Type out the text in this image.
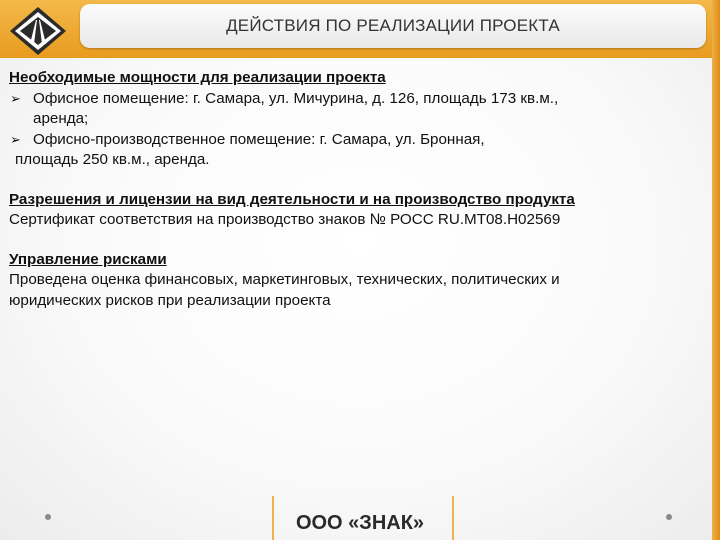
ДЕЙСТВИЯ ПО РЕАЛИЗАЦИИ ПРОЕКТА
Необходимые мощности для реализации проекта
➢ Офисное помещение: г. Самара, ул. Мичурина, д. 126, площадь 173 кв.м.,
аренда;
➢ Офисно-производственное помещение: г. Самара, ул. Бронная,
площадь 250 кв.м., аренда.
Разрешения и лицензии на вид деятельности и на производство продукта
Сертификат соответствия на производство знаков № РОСС RU.МТ08.Н02569
Управление рисками
Проведена оценка финансовых, маркетинговых, технических, политических и
юридических рисков при реализации проекта
ООО «ЗНАК»
